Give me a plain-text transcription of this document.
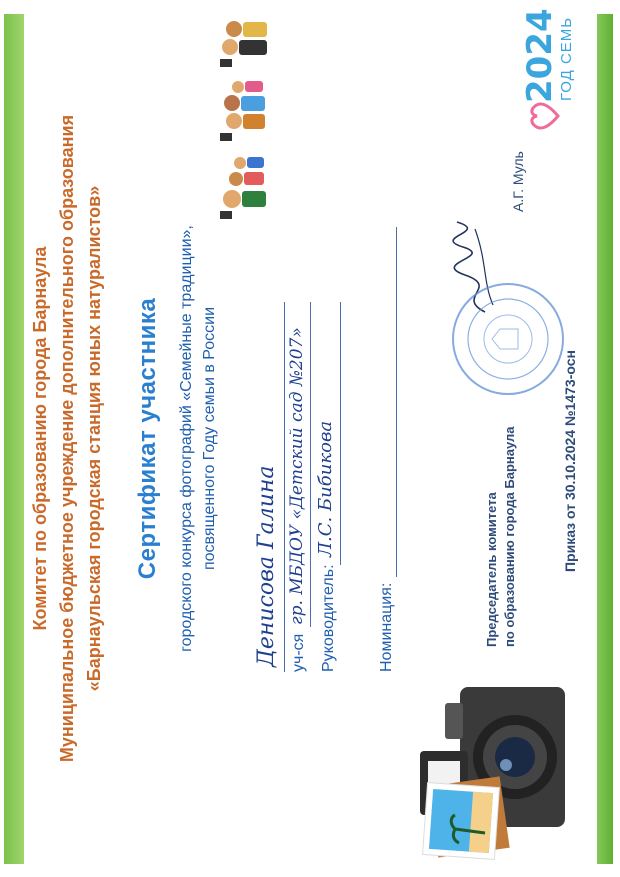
Комитет по образованию города Барнаула Муниципальное бюджетное учреждение дополнительного образования «Барнаульская городская станция юных натуралистов» Сертификат участника городского конкурса фотографий «Семейные традиции», посвященного Году семьи в России Денисова Галина уч-ся
гр. МБДОУ «Детский сад №207» Руководитель:
Л.С. Бибикова
Номинация:	Председатель комитета по образованию города Барнаула
А.Г. Муль
Приказ от 30.10.2024 №1473-осн
2024
ГОД СЕМЬ
